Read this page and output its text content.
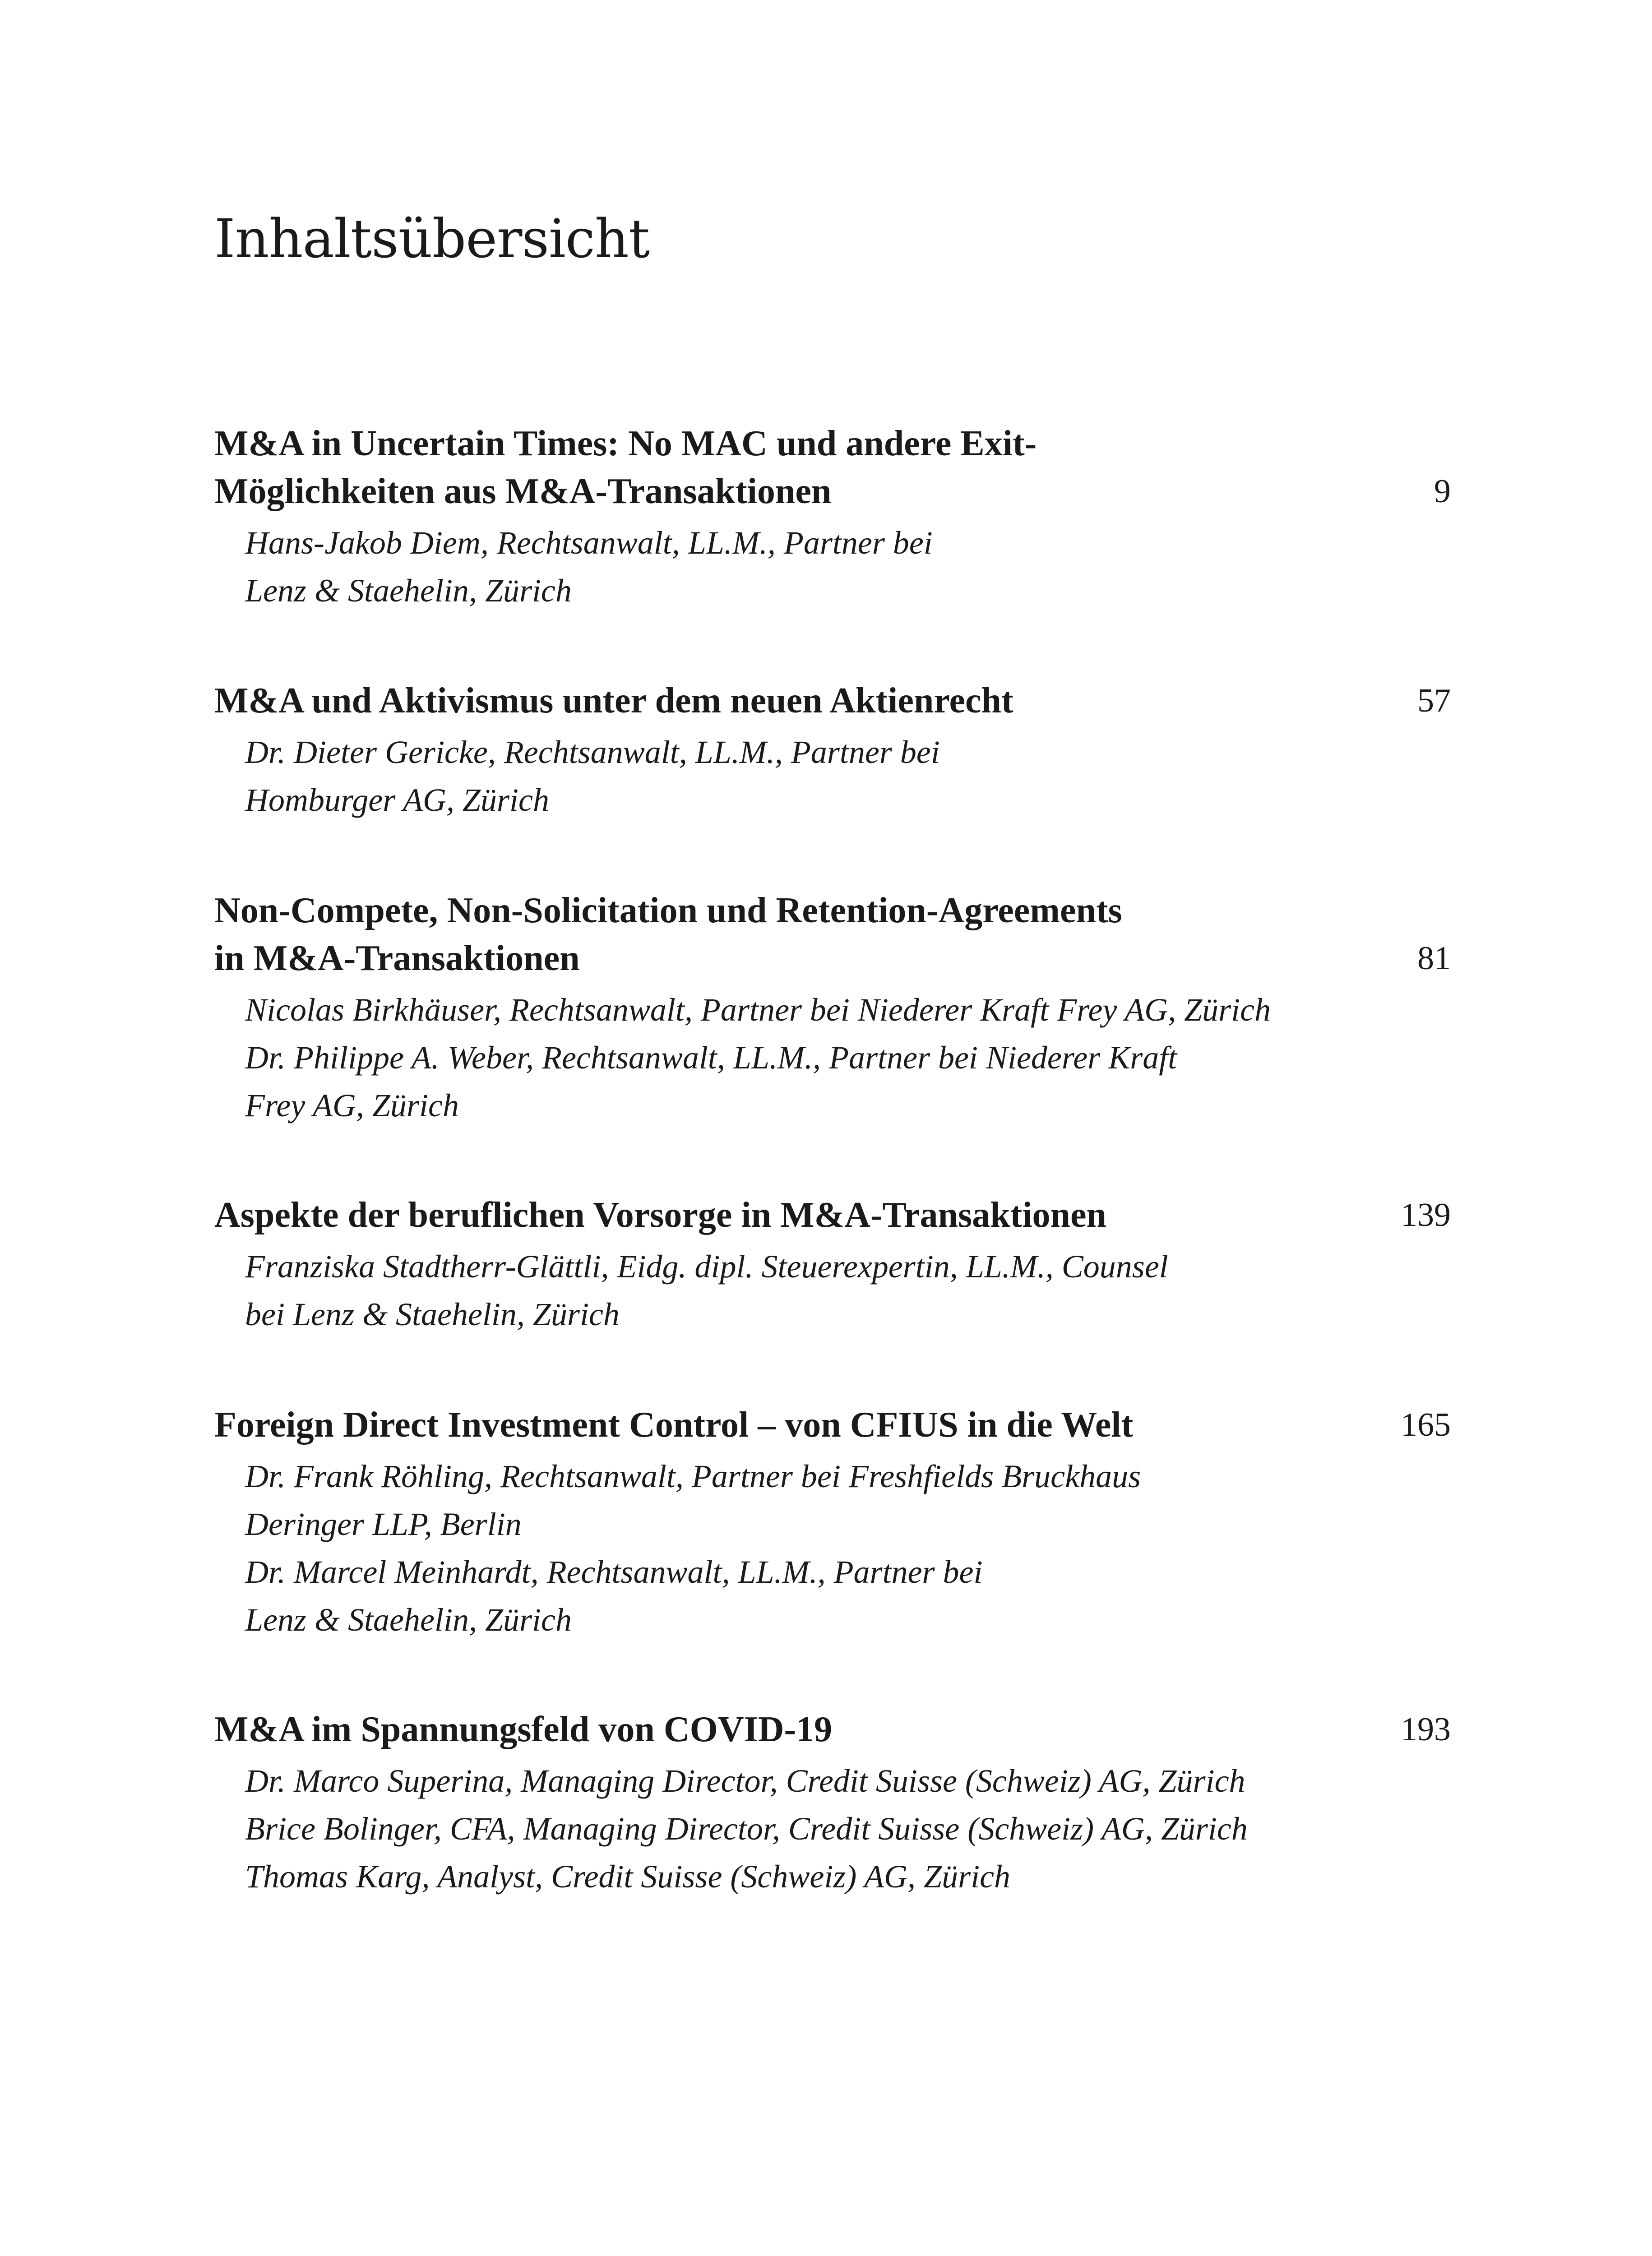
Inhaltsübersicht

M&A in Uncertain Times: No MAC und andere Exit-
Möglichkeiten aus M&A-Transaktionen	9

Hans-Jakob Diem, Rechtsanwalt, LL.M., Partner bei

Lenz & Staehelin, Zürich

M&A und Aktivismus unter dem neuen Aktienrecht	57

Dr. Dieter Gericke, Rechtsanwalt, LL.M., Partner bei

Homburger AG, Zürich

Non-Compete, Non-Solicitation und Retention-Agreements
in M&A-Transaktionen	81

Nicolas Birkhäuser, Rechtsanwalt, Partner bei Niederer Kraft Frey AG, Zürich

Dr. Philippe A. Weber, Rechtsanwalt, LL.M., Partner bei Niederer Kraft

Frey AG, Zürich

Aspekte der beruflichen Vorsorge in M&A-Transaktionen	139

Franziska Stadtherr-Glättli, Eidg. dipl. Steuerexpertin, LL.M., Counsel

bei Lenz & Staehelin, Zürich

Foreign Direct Investment Control – von CFIUS in die Welt	165

Dr. Frank Röhling, Rechtsanwalt, Partner bei Freshfields Bruckhaus

Deringer LLP, Berlin

Dr. Marcel Meinhardt, Rechtsanwalt, LL.M., Partner bei

Lenz & Staehelin, Zürich

M&A im Spannungsfeld von COVID-19	193

Dr. Marco Superina, Managing Director, Credit Suisse (Schweiz) AG, Zürich

Brice Bolinger, CFA, Managing Director, Credit Suisse (Schweiz) AG, Zürich

Thomas Karg, Analyst, Credit Suisse (Schweiz) AG, Zürich
